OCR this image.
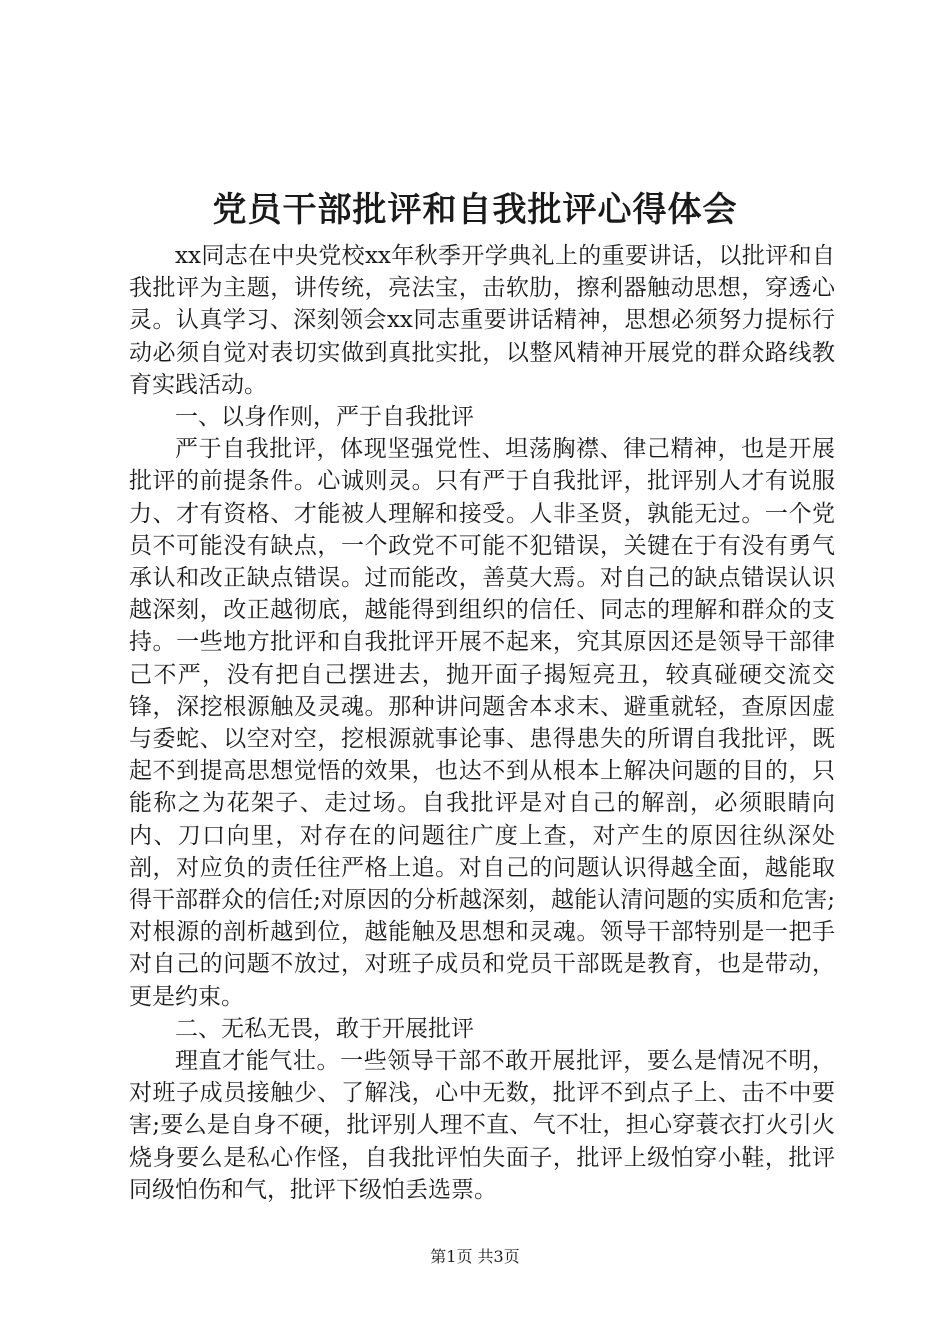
党员干部批评和自我批评心得体会

xx同志在中央党校xx年秋季开学典礼上的重要讲话，以批评和自我批评为主题，讲传统，亮法宝，击软肋，擦利器触动思想，穿透心灵。认真学习、深刻领会xx同志重要讲话精神，思想必须努力提标行动必须自觉对表切实做到真批实批，以整风精神开展党的群众路线教育实践活动。

一、以身作则，严于自我批评

严于自我批评，体现坚强党性、坦荡胸襟、律己精神，也是开展批评的前提条件。心诚则灵。只有严于自我批评，批评别人才有说服力、才有资格、才能被人理解和接受。人非圣贤，孰能无过。一个党员不可能没有缺点，一个政党不可能不犯错误，关键在于有没有勇气承认和改正缺点错误。过而能改，善莫大焉。对自己的缺点错误认识越深刻，改正越彻底，越能得到组织的信任、同志的理解和群众的支持。一些地方批评和自我批评开展不起来，究其原因还是领导干部律己不严，没有把自己摆进去，抛开面子揭短亮丑，较真碰硬交流交锋，深挖根源触及灵魂。那种讲问题舍本求末、避重就轻，查原因虚与委蛇、以空对空，挖根源就事论事、患得患失的所谓自我批评，既起不到提高思想觉悟的效果，也达不到从根本上解决问题的目的，只能称之为花架子、走过场。自我批评是对自己的解剖，必须眼睛向内、刀口向里，对存在的问题往广度上查，对产生的原因往纵深处剖，对应负的责任往严格上追。对自己的问题认识得越全面，越能取得干部群众的信任;对原因的分析越深刻，越能认清问题的实质和危害;对根源的剖析越到位，越能触及思想和灵魂。领导干部特别是一把手对自己的问题不放过，对班子成员和党员干部既是教育，也是带动，更是约束。

二、无私无畏，敢于开展批评

理直才能气壮。一些领导干部不敢开展批评，要么是情况不明，对班子成员接触少、了解浅，心中无数，批评不到点子上、击不中要害;要么是自身不硬，批评别人理不直、气不壮，担心穿蓑衣打火引火烧身要么是私心作怪，自我批评怕失面子，批评上级怕穿小鞋，批评同级怕伤和气，批评下级怕丢选票。

第1页 共3页
